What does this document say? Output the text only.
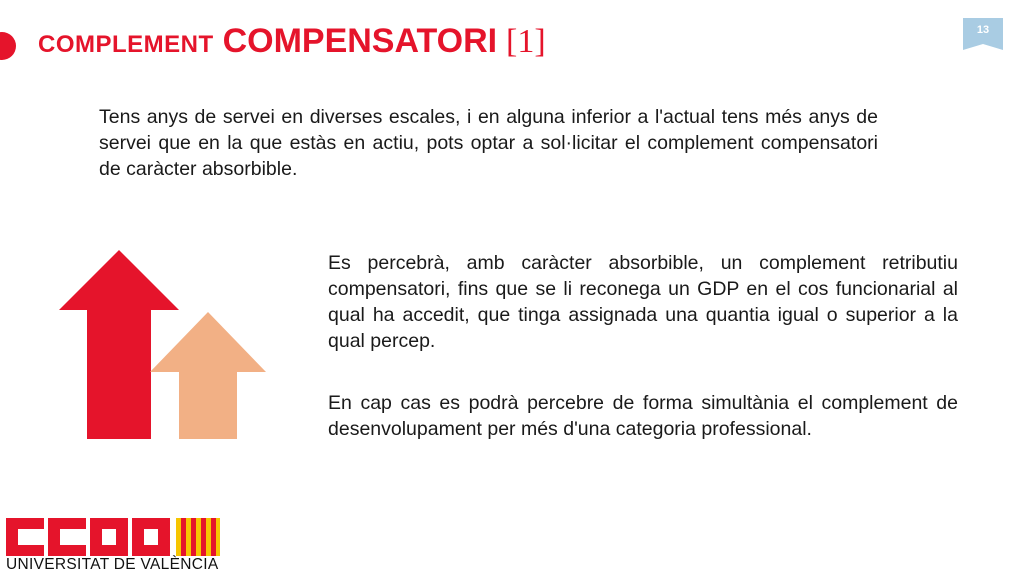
COMPLEMENT COMPENSATORI [1]	13

Tens anys de servei en diverses escales, i en alguna inferior a l'actual tens més anys de servei que en la que estàs en actiu, pots optar a sol·licitar el complement compensatori de caràcter absorbible.

Es percebrà, amb caràcter absorbible, un complement retributiu compensatori, fins que se li reconega un GDP en el cos funcionarial al qual ha accedit, que tinga assignada una quantia igual o superior a la qual percep.

En cap cas es podrà percebre de forma simultània el complement de desenvolupament per més d'una categoria professional.

UNIVERSITAT DE VALÈNCIA
